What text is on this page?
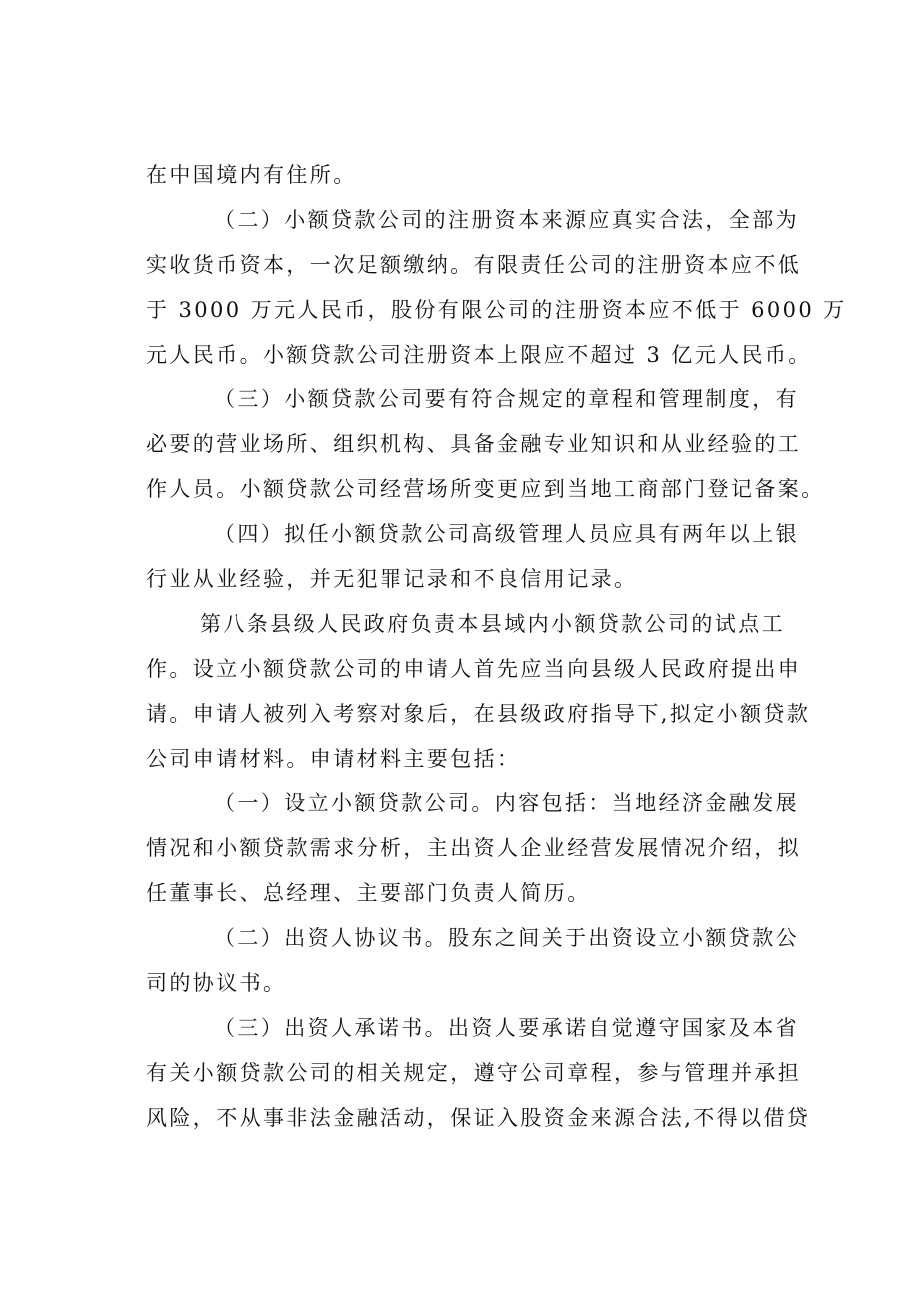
在中国境内有住所。
（二）小额贷款公司的注册资本来源应真实合法，全部为
实收货币资本，一次足额缴纳。有限责任公司的注册资本应不低
于 3000 万元人民币，股份有限公司的注册资本应不低于 6000 万
元人民币。小额贷款公司注册资本上限应不超过 3 亿元人民币。
（三）小额贷款公司要有符合规定的章程和管理制度，有
必要的营业场所、组织机构、具备金融专业知识和从业经验的工
作人员。小额贷款公司经营场所变更应到当地工商部门登记备案。
（四）拟任小额贷款公司高级管理人员应具有两年以上银
行业从业经验，并无犯罪记录和不良信用记录。
第八条县级人民政府负责本县域内小额贷款公司的试点工
作。设立小额贷款公司的申请人首先应当向县级人民政府提出申
请。申请人被列入考察对象后，在县级政府指导下,拟定小额贷款
公司申请材料。申请材料主要包括：
（一）设立小额贷款公司。内容包括：当地经济金融发展
情况和小额贷款需求分析，主出资人企业经营发展情况介绍，拟
任董事长、总经理、主要部门负责人简历。
（二）出资人协议书。股东之间关于出资设立小额贷款公
司的协议书。
（三）出资人承诺书。出资人要承诺自觉遵守国家及本省
有关小额贷款公司的相关规定，遵守公司章程，参与管理并承担
风险，不从事非法金融活动，保证入股资金来源合法,不得以借贷
